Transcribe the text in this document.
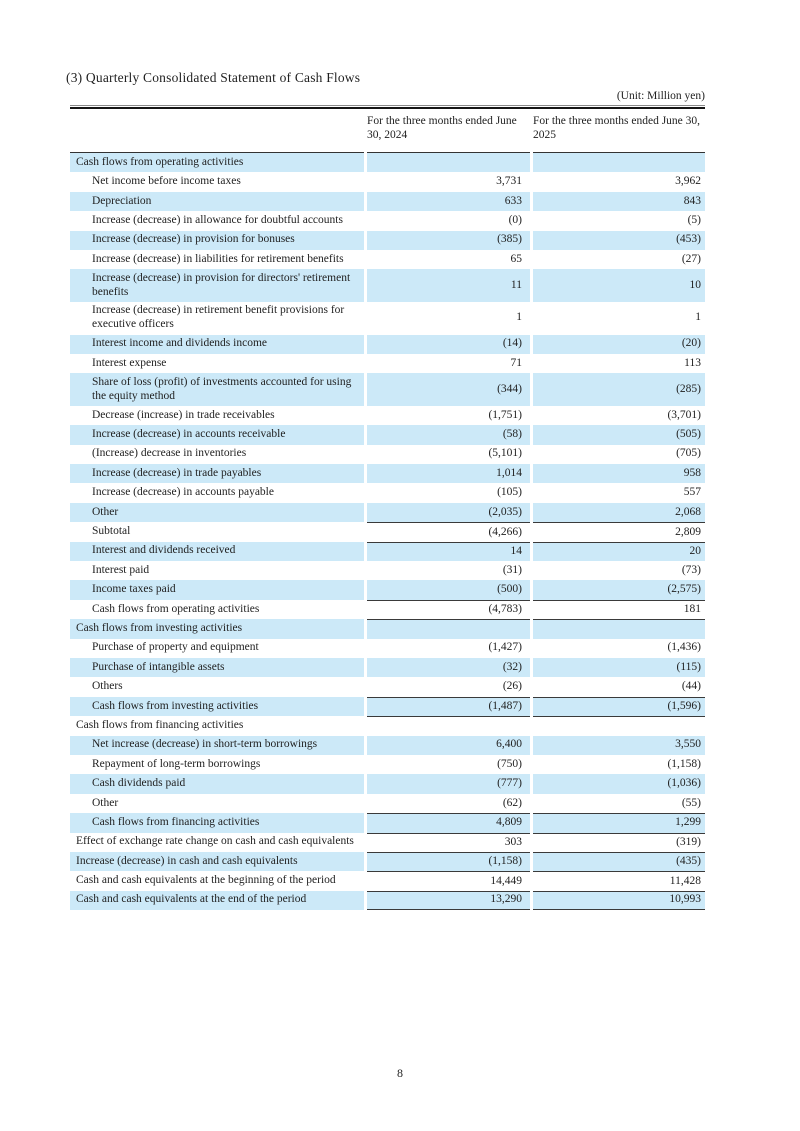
(3) Quarterly Consolidated Statement of Cash Flows
(Unit: Million yen)
For the three months ended June 30, 2024
For the three months ended June 30, 2025
Cash flows from operating activities
Net income before income taxes	3,731	3,962
Depreciation	633	843
Increase (decrease) in allowance for doubtful accounts	(0)	(5)
Increase (decrease) in provision for bonuses	(385)	(453)
Increase (decrease) in liabilities for retirement benefits	65	(27)
Increase (decrease) in provision for directors' retirement benefits
11	10
Increase (decrease) in retirement benefit provisions for executive officers
1	1
Interest income and dividends income	(14)	(20)
Interest expense	71	113
Share of loss (profit) of investments accounted for using the equity method
(344)	(285)
Decrease (increase) in trade receivables	(1,751)	(3,701)
Increase (decrease) in accounts receivable	(58)	(505)
(Increase) decrease in inventories	(5,101)	(705)
Increase (decrease) in trade payables	1,014	958
Increase (decrease) in accounts payable	(105)	557
Other	(2,035)	2,068
Subtotal	(4,266)	2,809
Interest and dividends received	14	20
Interest paid	(31)	(73)
Income taxes paid	(500)	(2,575)
Cash flows from operating activities	(4,783)	181
Cash flows from investing activities
Purchase of property and equipment	(1,427)	(1,436)
Purchase of intangible assets	(32)	(115)
Others	(26)	(44)
Cash flows from investing activities	(1,487)	(1,596)
Cash flows from financing activities
Net increase (decrease) in short-term borrowings	6,400	3,550
Repayment of long-term borrowings	(750)	(1,158)
Cash dividends paid	(777)	(1,036)
Other	(62)	(55)
Cash flows from financing activities	4,809	1,299
Effect of exchange rate change on cash and cash equivalents	303	(319)
Increase (decrease) in cash and cash equivalents	(1,158)	(435)
Cash and cash equivalents at the beginning of the period	14,449	11,428
Cash and cash equivalents at the end of the period	13,290	10,993
8
